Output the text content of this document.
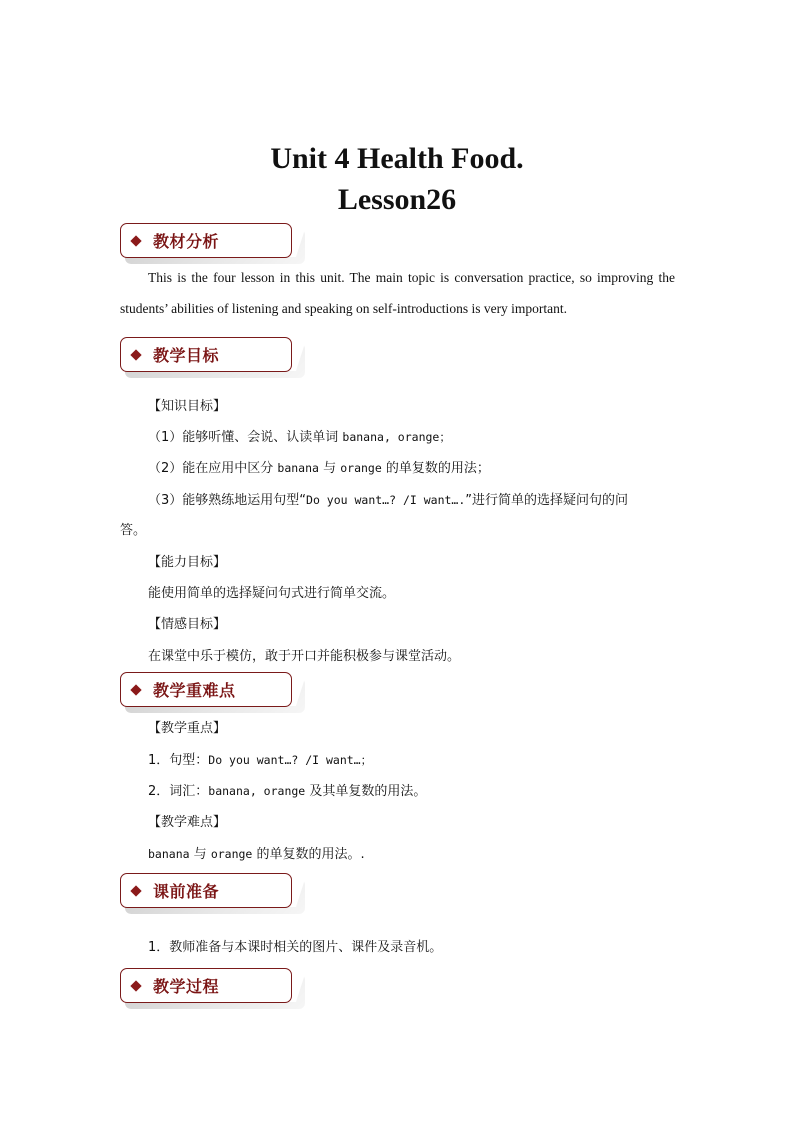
Unit 4 Health Food.
Lesson26
教材分析
This is the four lesson in this unit. The main topic is conversation practice, so improving the
students’ abilities of listening and speaking on self-introductions is very important.
教学目标
【知识目标】
（1）能够听懂、会说、认读单词 banana, orange；
（2）能在应用中区分 banana 与 orange 的单复数的用法；
（3）能够熟练地运用句型“Do you want…? /I want….”进行简单的选择疑问句的问
答。
【能力目标】
能使用简单的选择疑问句式进行简单交流。
【情感目标】
在课堂中乐于模仿，敢于开口并能积极参与课堂活动。
教学重难点
【教学重点】
1．句型：Do you want…? /I want…；
2．词汇：banana, orange 及其单复数的用法。
【教学难点】
banana 与 orange 的单复数的用法。.
课前准备
1．教师准备与本课时相关的图片、课件及录音机。
教学过程
